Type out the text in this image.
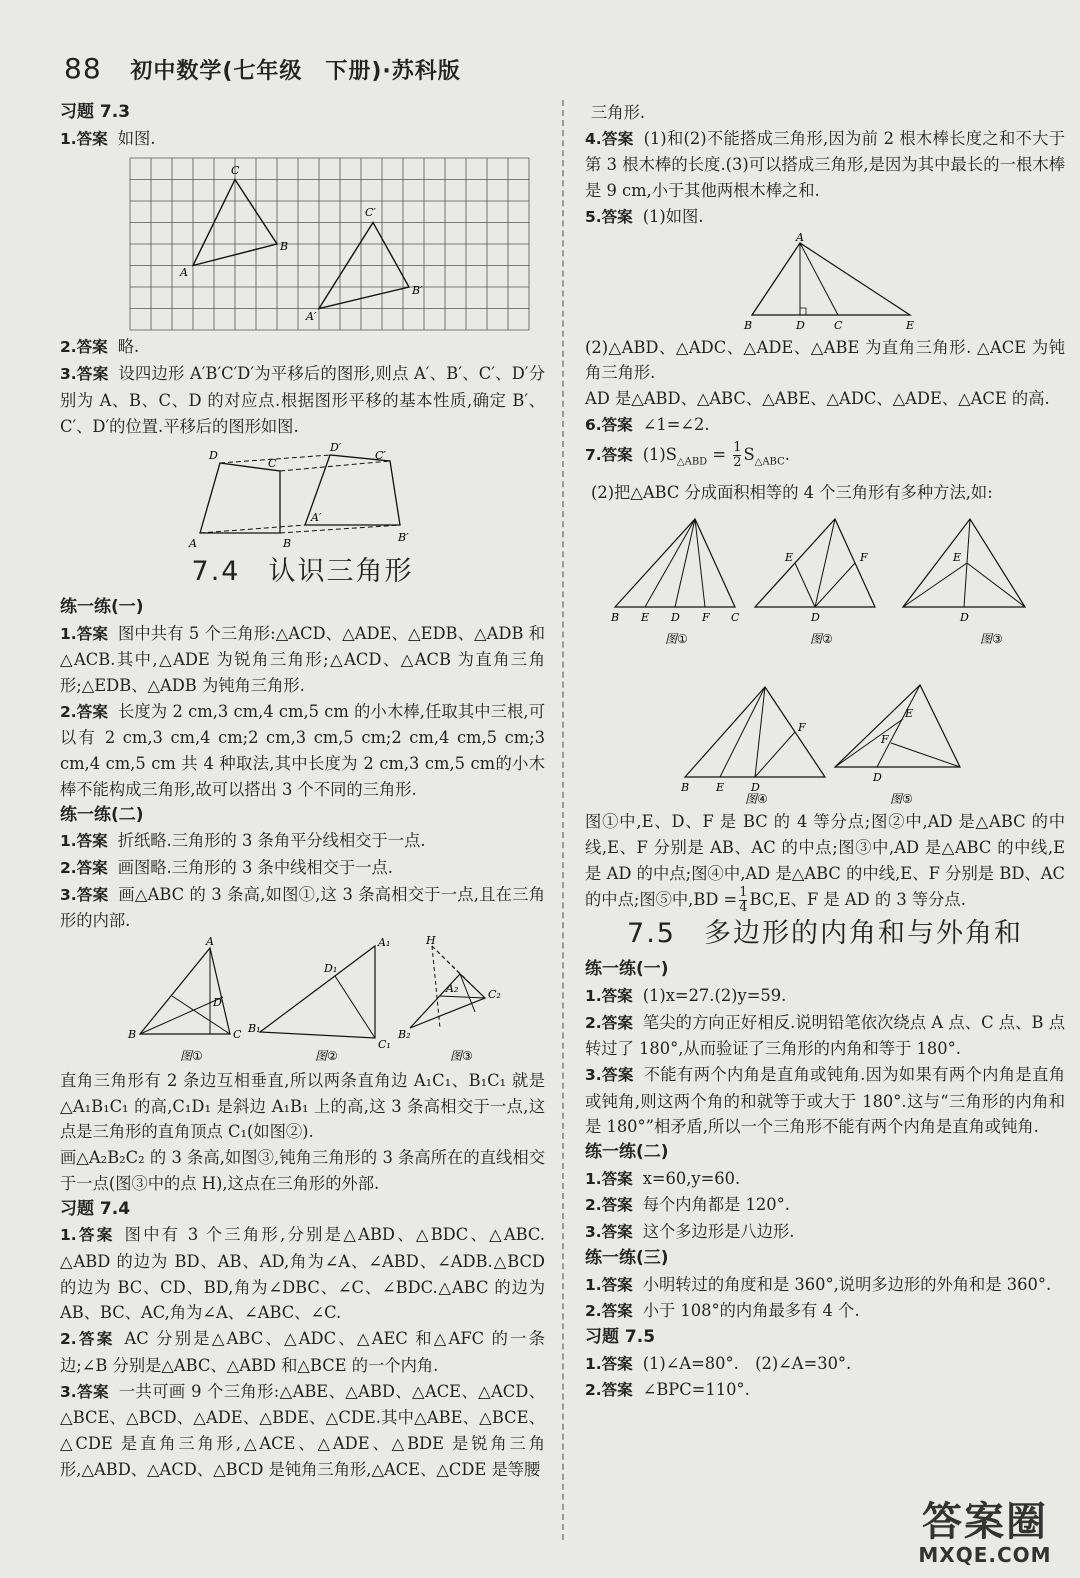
88 初中数学(七年级　下册)·苏科版
习题 7.3

1.答案 如图.

A
B
C
A′
B′
C′

2.答案 略.

3.答案 设四边形 A′B′C′D′为平移后的图形,则点 A′、B′、C′、D′分别为 A、B、C、D 的对应点.根据图形平移的基本性质,确定 B′、C′、D′的位置.平移后的图形如图.

A	B
C
D
A′
B′
C′
D′
7.4 认识三角形
练一练(一)

1.答案 图中共有 5 个三角形:△ACD、△ADE、△EDB、△ADB 和△ACB.其中,△ADE 为锐角三角形;△ACD、△ACB 为直角三角形;△EDB、△ADB 为钝角三角形.

2.答案 长度为 2 cm,3 cm,4 cm,5 cm 的小木棒,任取其中三根,可以有 2 cm,3 cm,4 cm;2 cm,3 cm,5 cm;2 cm,4 cm,5 cm;3 cm,4 cm,5 cm 共 4 种取法,其中长度为 2 cm,3 cm,5 cm的小木棒不能构成三角形,故可以搭出 3 个不同的三角形.

练一练(二)

1.答案 折纸略.三角形的 3 条角平分线相交于一点.

2.答案 画图略.三角形的 3 条中线相交于一点.

3.答案 画△ABC 的 3 条高,如图①,这 3 条高相交于一点,且在三角形的内部.

A
B	C
D
A₁
B₁
C₁
D₁
H
A₂
B₂
C₂
图①	图②	图③

直角三角形有 2 条边互相垂直,所以两条直角边 A₁C₁、B₁C₁ 就是△A₁B₁C₁ 的高,C₁D₁ 是斜边 A₁B₁ 上的高,这 3 条高相交于一点,这点是三角形的直角顶点 C₁(如图②).

画△A₂B₂C₂ 的 3 条高,如图③,钝角三角形的 3 条高所在的直线相交于一点(图③中的点 H),这点在三角形的外部.

习题 7.4

1.答案 图中有 3 个三角形,分别是△ABD、△BDC、△ABC. △ABD 的边为 BD、AB、AD,角为∠A、∠ABD、∠ADB.△BCD 的边为 BC、CD、BD,角为∠DBC、∠C、∠BDC.△ABC 的边为 AB、BC、AC,角为∠A、∠ABC、∠C.

2.答案 AC 分别是△ABC、△ADC、△AEC 和△AFC 的一条边;∠B 分别是△ABC、△ABD 和△BCE 的一个内角.

3.答案 一共可画 9 个三角形:△ABE、△ABD、△ACE、△ACD、△BCE、△BCD、△ADE、△BDE、△CDE.其中△ABE、△BCE、△CDE 是直角三角形,△ACE、△ADE、△BDE 是锐角三角形,△ABD、△ACD、△BCD 是钝角三角形,△ACE、△CDE 是等腰

三角形.

4.答案 (1)和(2)不能搭成三角形,因为前 2 根木棒长度之和不大于第 3 根木棒的长度.(3)可以搭成三角形,是因为其中最长的一根木棒是 9 cm,小于其他两根木棒之和.

5.答案 (1)如图.

A
B	D	C	E

(2)△ABD、△ADC、△ADE、△ABE 为直角三角形. △ACE 为钝角三角形.

AD 是△ABD、△ABC、△ABE、△ADC、△ADE、△ACE 的高.

6.答案 ∠1=∠2.

7.答案 $(1)S_{\triangle ABD} = \frac{1}{2} S_{\triangle ABC}$.

(2)把△ABC 分成面积相等的 4 个三角形有多种方法,如:

B E D F C
图①
E	F
D
图②
E
D
图③
B E D
F
图④
E
F
D
图⑤

图①中,E、D、F 是 BC 的 4 等分点;图②中,AD 是△ABC 的中线,E、F 分别是 AB、AC 的中点;图③中,AD 是△ABC 的中线,E 是 AD 的中点;图④中,AD 是△ABC 的中线,E、F 分别是 BD、AC 的中点;图⑤中$,BD = \frac{1}{4} BC,E$、F 是 AD 的 3 等分点.

7.5 多边形的内角和与外角和
练一练(一)

1.答案 (1)x=27.(2)y=59.

2.答案 笔尖的方向正好相反.说明铅笔依次绕点 A 点、C 点、B 点转过了 180°,从而验证了三角形的内角和等于 180°.

3.答案 不能有两个内角是直角或钝角.因为如果有两个内角是直角或钝角,则这两个角的和就等于或大于 180°.这与“三角形的内角和是 180°”相矛盾,所以一个三角形不能有两个内角是直角或钝角.

练一练(二)

1.答案 x=60,y=60.

2.答案 每个内角都是 120°.

3.答案 这个多边形是八边形.

练一练(三)

1.答案 小明转过的角度和是 360°,说明多边形的外角和是 360°.

2.答案 小于 108°的内角最多有 4 个.

习题 7.5

1.答案 (1)∠A=80°.　(2)∠A=30°.

2.答案 ∠BPC=110°.

答案圈
MXQE.COM
